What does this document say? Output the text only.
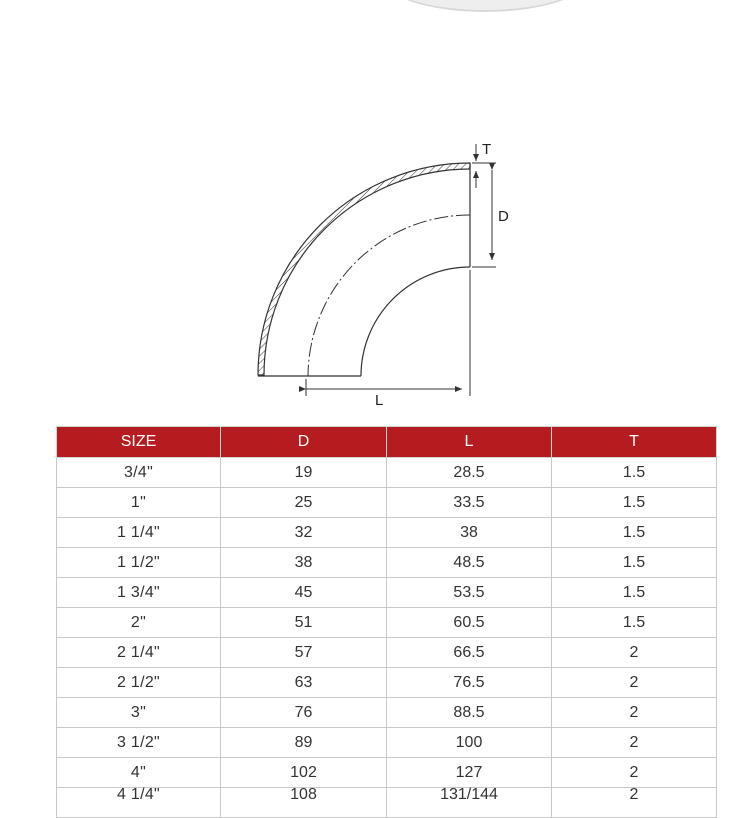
L
D
T
SIZE	D	L	T
3/4"	19	28.5	1.5
1"	25	33.5	1.5
1 1/4"	32	38	1.5
1 1/2"	38	48.5	1.5
1 3/4"	45	53.5	1.5
2"	51	60.5	1.5
2 1/4"	57	66.5	2
2 1/2"	63	76.5	2
3"	76	88.5	2
3 1/2"	89	100	2
4"	102	127	2
4 1/4"	108	131/144	2
